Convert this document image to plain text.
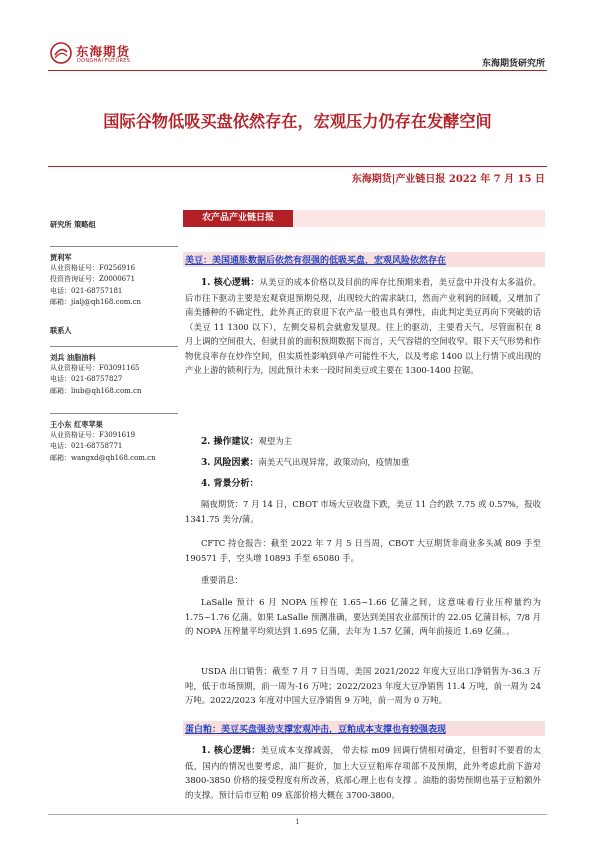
东海期货
DONGHAI FUTURES	东海期货研究所
国际谷物低吸买盘依然存在，宏观压力仍存在发酵空间
东海期货|产业链日报 2022 年 7 月 15 日
研究所 策略组
贾利军
从业资格证号：F0256916
投资咨询证号：Z0000671
电话：021-68757181
邮箱：jialj@qh168.com.cn
联系人
刘兵 油脂油料
从业资格证号：F03091165
电话：021-68757827
邮箱：liub@qh168.com.cn
王小东 红枣苹果
从业资格证号：F3091619
电话：021-68758771
邮箱：wangxd@qh168.com.cn
农产品产业链日报
美豆：美国通胀数据后依然有很强的低吸买盘，宏观风险依然存在
1. 核心逻辑：从美豆的成本价格以及目前的库存比预期来看，美豆盘中并没有太多溢价。后市往下驱动主要是宏观衰退预期兑现，出现较大的需求缺口，然而产业利润的回暖，又增加了南美播种的不确定性，此外真正的衰退下农产品一般也具有弹性，由此判定美豆再向下突破的话（美豆 11 1300 以下），左侧交易机会就愈发显现。往上的驱动，主要看天气，尽管面积在 8 月上调的空间很大，但就目前的面积预期数据下而言，天气容错的空间收窄。眼下天气形势和作物优良率存在炒作空间，但实质性影响到单产可能性不大，以及考虑 1400 以上行情下或出现的产业上游的锁利行为，因此预计未来一段时间美豆或主要在 1300-1400 拉锯。
2. 操作建议：观望为主
3. 风险因素：南美天气出现异常，政策动向，疫情加重
4. 背景分析：
隔夜期货：7 月 14 日，CBOT 市场大豆收盘下跌，美豆 11 合约跌 7.75 或 0.57%，报收 1341.75 美分/蒲。
CFTC 持仓报告：截至 2022 年 7 月 5 日当周，CBOT 大豆期货非商业多头减 809 手至 190571 手，空头增 10893 手至 65080 手。
重要消息：
LaSalle 预计 6 月 NOPA 压榨在 1.65~1.66 亿蒲之间，这意味着行业压榨量约为 1.75~1.76 亿蒲。如果 LaSalle 预测准确，要达到美国农业部预计的 22.05 亿蒲目标，7/8 月的 NOPA 压榨量平均须达到 1.695 亿蒲，去年为 1.57 亿蒲，两年前接近 1.69 亿蒲。。
USDA 出口销售：截至 7 月 7 日当周，美国 2021/2022 年度大豆出口净销售为-36.3 万吨，低于市场预期，前一周为-16 万吨；2022/2023 年度大豆净销售 11.4 万吨，前一周为 24 万吨。2022/2023 年度对中国大豆净销售 9 万吨，前一周为 0 万吨。
蛋白粕：美豆买盘强劲支撑宏观冲击，豆粕成本支撑也有较强表现
1. 核心逻辑：美豆成本支撑减弱， 带去棕 m09 回调行情相对确定，但暂时不要看的太低，国内的情况也要考虑，油厂挺价，加上大豆豆粕库存项部不及预期，此外考虑此前下游对 3800-3850 价格的接受程度有所改善，底部心理上也有支撑 。油脂的弱势预期也基于豆粕额外的支撑。预计后市豆粕 09 底部价格大概在 3700-3800。
1
